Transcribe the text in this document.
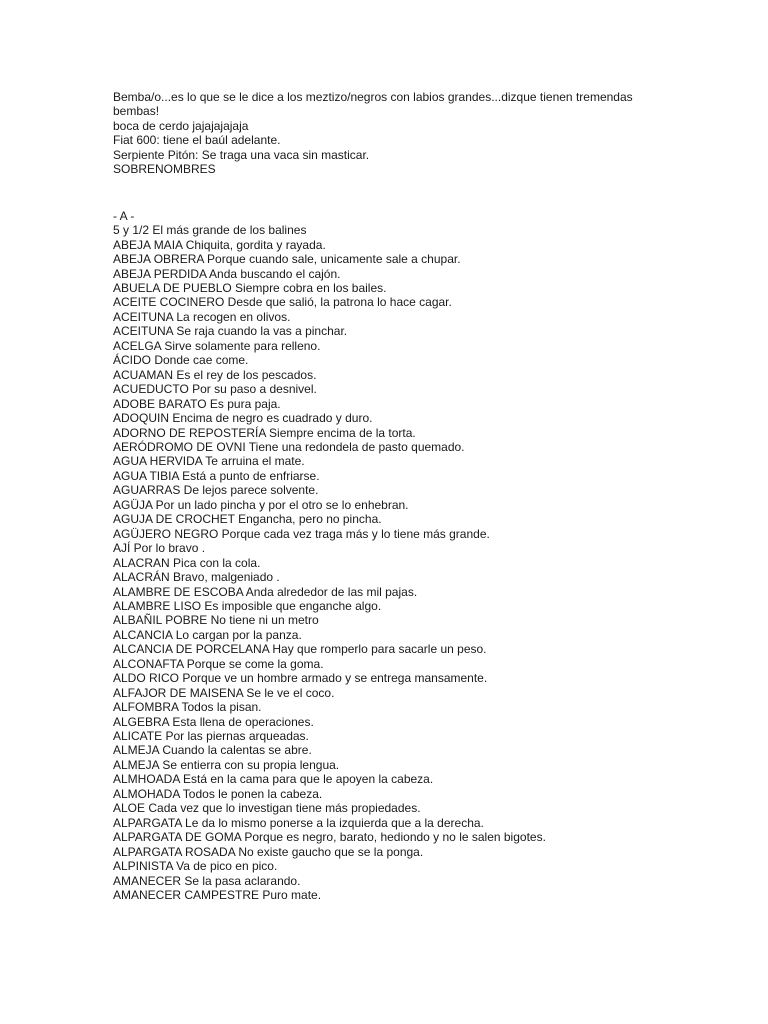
Bemba/o...es lo que se le dice a los meztizo/negros con labios grandes...dizque tienen tremendas bembas!
boca de cerdo jajajajajaja
Fiat 600: tiene el baúl adelante.
Serpiente Pitón: Se traga una vaca sin masticar.
SOBRENOMBRES
- A -
5 y 1/2 El más grande de los balines
ABEJA MAIA Chiquita, gordita y rayada.
ABEJA OBRERA Porque cuando sale, unicamente sale a chupar.
ABEJA PERDIDA Anda buscando el cajón.
ABUELA DE PUEBLO Siempre cobra en los bailes.
ACEITE COCINERO Desde que salió, la patrona lo hace cagar.
ACEITUNA La recogen en olivos.
ACEITUNA Se raja cuando la vas a pinchar.
ACELGA Sirve solamente para relleno.
ÁCIDO Donde cae come.
ACUAMAN Es el rey de los pescados.
ACUEDUCTO Por su paso a desnivel.
ADOBE BARATO Es pura paja.
ADOQUIN Encima de negro es cuadrado y duro.
ADORNO DE REPOSTERÍA Siempre encima de la torta.
AERÓDROMO DE OVNI Tiene una redondela de pasto quemado.
AGUA HERVIDA Te arruina el mate.
AGUA TIBIA Está a punto de enfriarse.
AGUARRAS De lejos parece solvente.
AGÜJA Por un lado pincha y por el otro se lo enhebran.
AGUJA DE CROCHET Engancha, pero no pincha.
AGÜJERO NEGRO Porque cada vez traga más y lo tiene más grande.
AJÍ Por lo bravo .
ALACRAN Pica con la cola.
ALACRÁN Bravo, malgeniado .
ALAMBRE DE ESCOBA Anda alrededor de las mil pajas.
ALAMBRE LISO Es imposible que enganche algo.
ALBAÑIL POBRE No tiene ni un metro
ALCANCIA Lo cargan por la panza.
ALCANCIA DE PORCELANA Hay que romperlo para sacarle un peso.
ALCONAFTA Porque se come la goma.
ALDO RICO Porque ve un hombre armado y se entrega mansamente.
ALFAJOR DE MAISENA Se le ve el coco.
ALFOMBRA Todos la pisan.
ALGEBRA Esta llena de operaciones.
ALICATE Por las piernas arqueadas.
ALMEJA Cuando la calentas se abre.
ALMEJA Se entierra con su propia lengua.
ALMHOADA Está en la cama para que le apoyen la cabeza.
ALMOHADA Todos le ponen la cabeza.
ALOE Cada vez que lo investigan tiene más propiedades.
ALPARGATA Le da lo mismo ponerse a la izquierda que a la derecha.
ALPARGATA DE GOMA Porque es negro, barato, hediondo y no le salen bigotes.
ALPARGATA ROSADA No existe gaucho que se la ponga.
ALPINISTA Va de pico en pico.
AMANECER Se la pasa aclarando.
AMANECER CAMPESTRE Puro mate.
